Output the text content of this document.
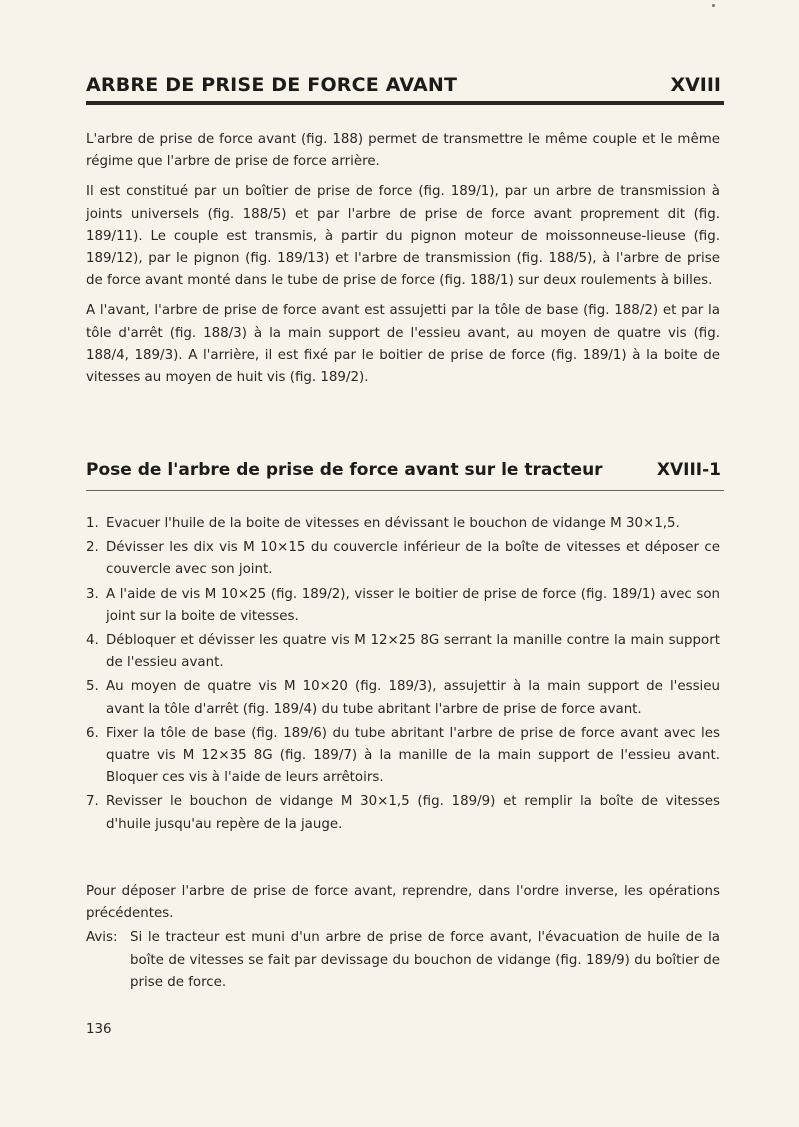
ARBRE DE PRISE DE FORCE AVANT	XVIII

L'arbre de prise de force avant (fig. 188) permet de transmettre le même couple et le même régime que l'arbre de prise de force arrière.

Il est constitué par un boîtier de prise de force (fig. 189/1), par un arbre de transmission à joints universels (fig. 188/5) et par l'arbre de prise de force avant proprement dit (fig. 189/11). Le couple est transmis, à partir du pignon moteur de moissonneuse-lieuse (fig. 189/12), par le pignon (fig. 189/13) et l'arbre de transmission (fig. 188/5), à l'arbre de prise de force avant monté dans le tube de prise de force (fig. 188/1) sur deux roulements à billes.

A l'avant, l'arbre de prise de force avant est assujetti par la tôle de base (fig. 188/2) et par la tôle d'arrêt (fig. 188/3) à la main support de l'essieu avant, au moyen de quatre vis (fig. 188/4, 189/3). A l'arrière, il est fixé par le boitier de prise de force (fig. 189/1) à la boite de vitesses au moyen de huit vis (fig. 189/2).

Pose de l'arbre de prise de force avant sur le tracteur	XVIII-1
1. Evacuer l'huile de la boite de vitesses en dévissant le bouchon de vidange M 30×1,5.
2. Dévisser les dix vis M 10×15 du couvercle inférieur de la boîte de vitesses et déposer ce couvercle avec son joint.
3. A l'aide de vis M 10×25 (fig. 189/2), visser le boitier de prise de force (fig. 189/1) avec son joint sur la boite de vitesses.
4. Débloquer et dévisser les quatre vis M 12×25 8G serrant la manille contre la main support de l'essieu avant.
5. Au moyen de quatre vis M 10×20 (fig. 189/3), assujettir à la main support de l'essieu avant la tôle d'arrêt (fig. 189/4) du tube abritant l'arbre de prise de force avant.
6. Fixer la tôle de base (fig. 189/6) du tube abritant l'arbre de prise de force avant avec les quatre vis M 12×35 8G (fig. 189/7) à la manille de la main support de l'essieu avant. Bloquer ces vis à l'aide de leurs arrêtoirs.
7. Revisser le bouchon de vidange M 30×1,5 (fig. 189/9) et remplir la boîte de vitesses d'huile jusqu'au repère de la jauge.

Pour déposer l'arbre de prise de force avant, reprendre, dans l'ordre inverse, les opérations précédentes.

Avis: Si le tracteur est muni d'un arbre de prise de force avant, l'évacuation de huile de la boîte de vitesses se fait par devissage du bouchon de vidange (fig. 189/9) du boîtier de prise de force.
136
